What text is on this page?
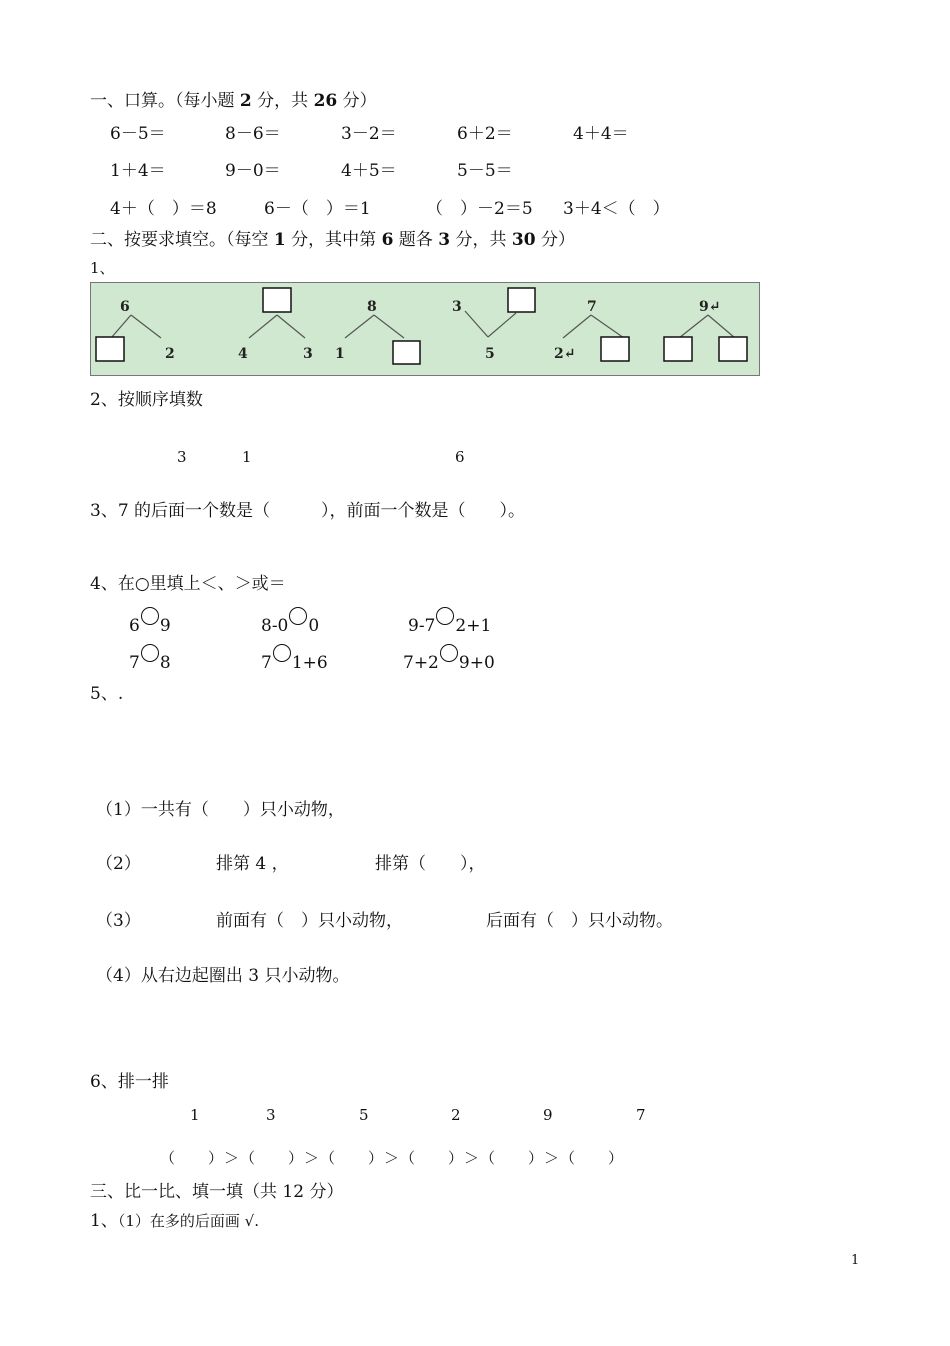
一、口算。（每小题 2 分，共 26 分）
6－5＝	8－6＝	3－2＝	6＋2＝	4＋4＝
1＋4＝	9－0＝	4＋5＝	5－5＝
4＋（　）＝8	6－（　）＝1	（　）－2＝5 3＋4＜（　）
二、按要求填空。（每空 1 分，其中第 6 题各 3 分，共 30 分）
1、
6
2	4	3
8
1
3
5
7
2↵
9↵
2、按顺序填数
3	1	6
3、7 的后面一个数是（　　　），前面一个数是（　　）。
4、在○里填上＜、＞或＝
6 9	8-0 0	9-7 2+1
7 8	7 1+6	7+2 9+0
5、.
（1）一共有（　　）只小动物，
（2）	排第 4 ，	排第（　　），
（3）	前面有（　）只小动物，	后面有（　）只小动物。
（4）从右边起圈出 3 只小动物。
6、排一排
1	3	5	2	9	7
（　　）＞（　　）＞（　　）＞（　　）＞（　　）＞（　　）
三、比一比、填一填（共 12 分）
1、（1）在多的后面画 √.
1
